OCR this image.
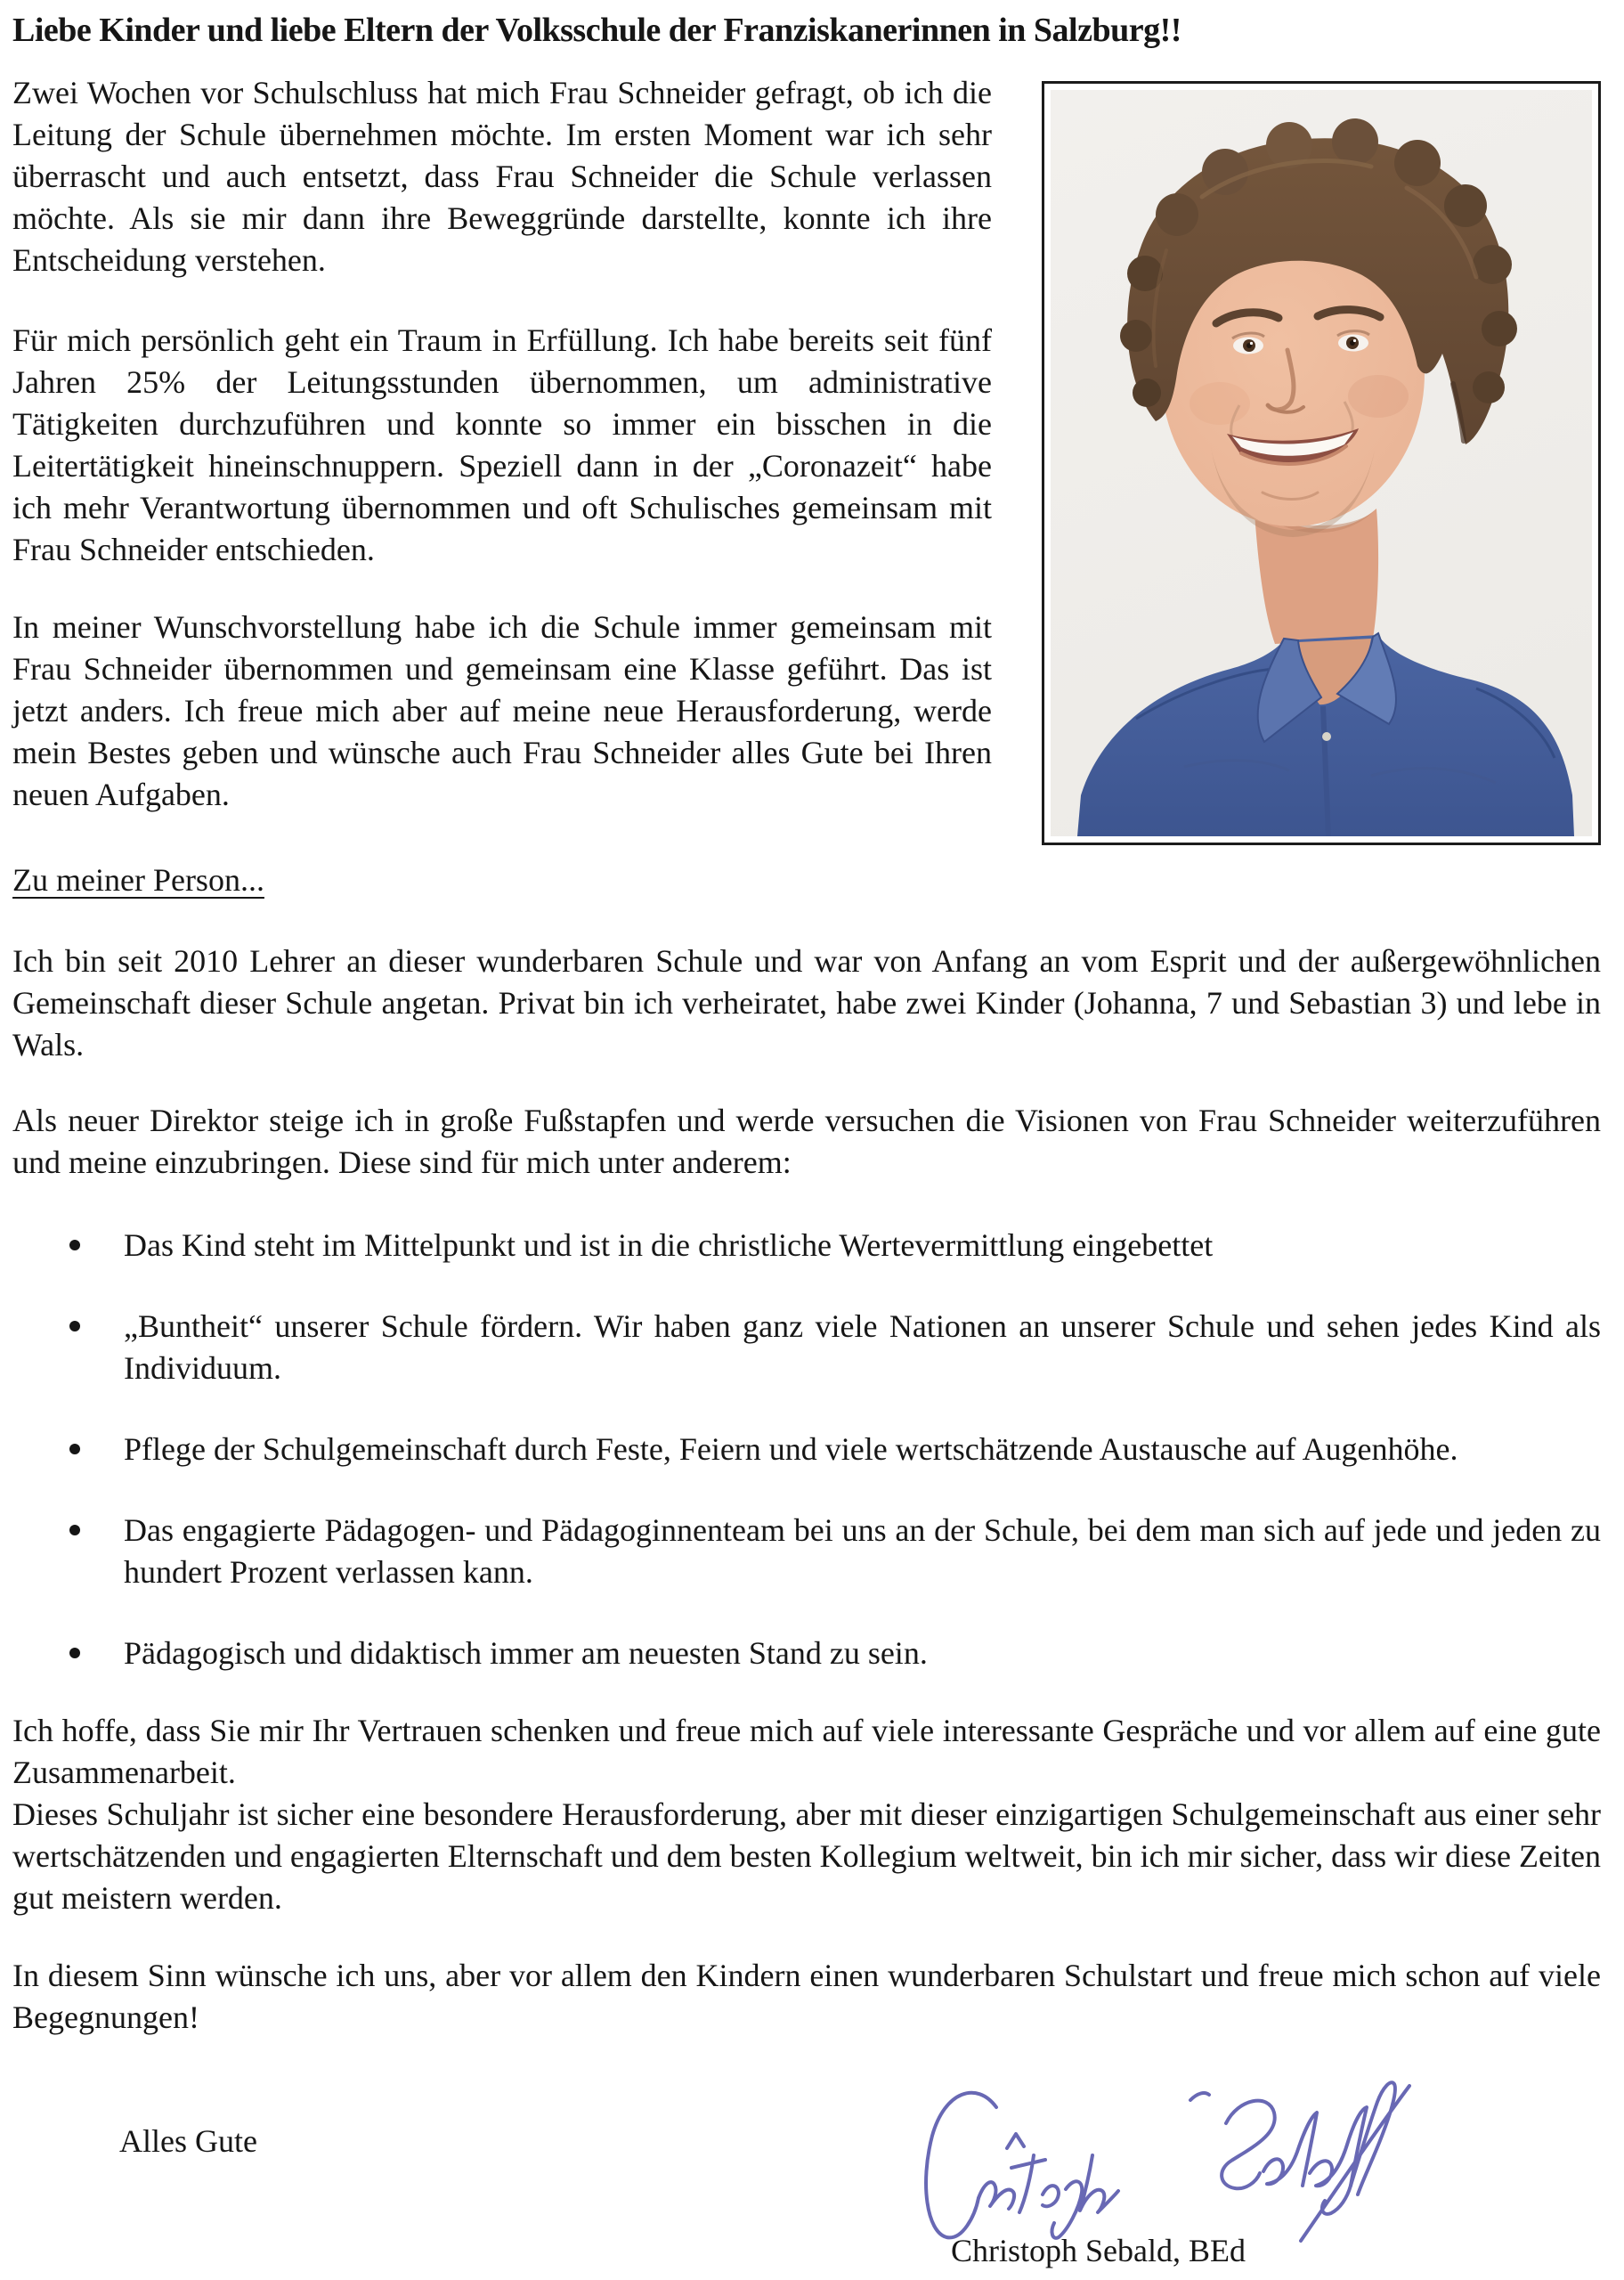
Liebe Kinder und liebe Eltern der Volksschule der Franziskanerinnen in Salzburg!!

Zwei Wochen vor Schulschluss hat mich Frau Schneider gefragt, ob ich die Leitung der Schule übernehmen möchte. Im ersten Moment war ich sehr überrascht und auch entsetzt, dass Frau Schneider die Schule verlassen möchte. Als sie mir dann ihre Beweggründe darstellte, konnte ich ihre Entscheidung verstehen.

Für mich persönlich geht ein Traum in Erfüllung. Ich habe bereits seit fünf Jahren 25% der Leitungsstunden übernommen, um administrative Tätigkeiten durchzuführen und konnte so immer ein bisschen in die Leitertätigkeit hineinschnuppern. Speziell dann in der „Coronazeit“ habe ich mehr Verantwortung übernommen und oft Schulisches gemeinsam mit Frau Schneider entschieden.

In meiner Wunschvorstellung habe ich die Schule immer gemeinsam mit Frau Schneider übernommen und gemeinsam eine Klasse geführt. Das ist jetzt anders. Ich freue mich aber auf meine neue Herausforderung, werde mein Bestes geben und wünsche auch Frau Schneider alles Gute bei Ihren neuen Aufgaben.

Zu meiner Person...

Ich bin seit 2010 Lehrer an dieser wunderbaren Schule und war von Anfang an vom Esprit und der außergewöhnlichen Gemeinschaft dieser Schule angetan. Privat bin ich verheiratet, habe zwei Kinder (Johanna, 7 und Sebastian 3) und lebe in Wals.

Als neuer Direktor steige ich in große Fußstapfen und werde versuchen die Visionen von Frau Schneider weiterzuführen und meine einzubringen. Diese sind für mich unter anderem:

Das Kind steht im Mittelpunkt und ist in die christliche Wertevermittlung eingebettet
„Buntheit“ unserer Schule fördern. Wir haben ganz viele Nationen an unserer Schule und sehen jedes Kind als Individuum.
Pflege der Schulgemeinschaft durch Feste, Feiern und viele wertschätzende Austausche auf Augenhöhe.
Das engagierte Pädagogen- und Pädagoginnenteam bei uns an der Schule, bei dem man sich auf jede und jeden zu hundert Prozent verlassen kann.
Pädagogisch und didaktisch immer am neuesten Stand zu sein.
Ich hoffe, dass Sie mir Ihr Vertrauen schenken und freue mich auf viele interessante Gespräche und vor allem auf eine gute Zusammenarbeit.
Dieses Schuljahr ist sicher eine besondere Herausforderung, aber mit dieser einzigartigen Schulgemeinschaft aus einer sehr wertschätzenden und engagierten Elternschaft und dem besten Kollegium weltweit, bin ich mir sicher, dass wir diese Zeiten gut meistern werden.

In diesem Sinn wünsche ich uns, aber vor allem den Kindern einen wunderbaren Schulstart und freue mich schon auf viele Begegnungen!

Alles Gute

Christoph Sebald, BEd
